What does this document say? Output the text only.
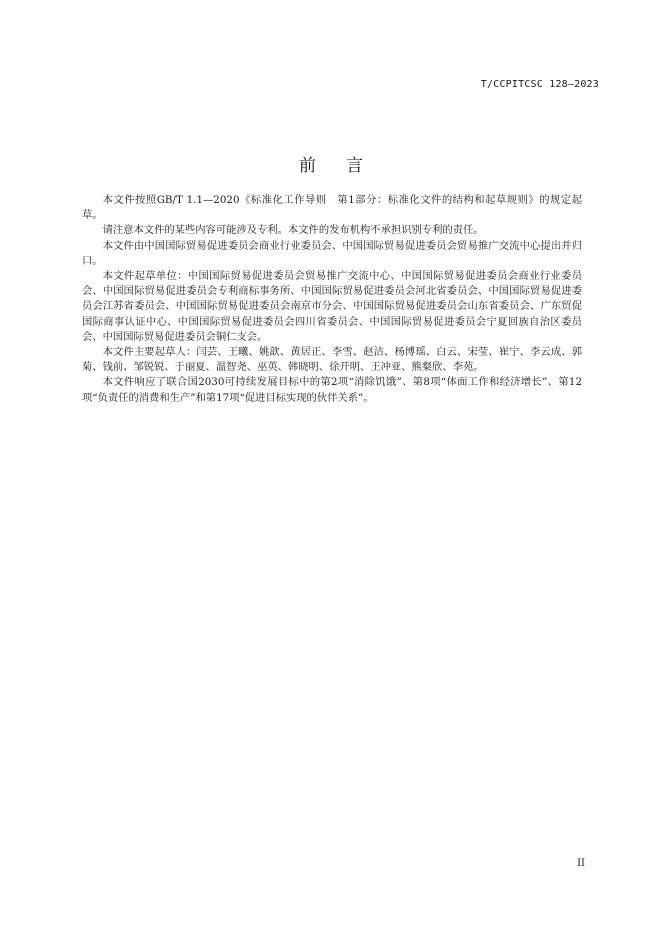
T/CCPITCSC 128—2023
前言

本文件按照GB/T 1.1—2020《标准化工作导则　第1部分：标准化文件的结构和起草规则》的规定起草。

请注意本文件的某些内容可能涉及专利。本文件的发布机构不承担识别专利的责任。

本文件由中国国际贸易促进委员会商业行业委员会、中国国际贸易促进委员会贸易推广交流中心提出并归口。

本文件起草单位：中国国际贸易促进委员会贸易推广交流中心、中国国际贸易促进委员会商业行业委员会、中国国际贸易促进委员会专利商标事务所、中国国际贸易促进委员会河北省委员会、中国国际贸易促进委员会江苏省委员会、中国国际贸易促进委员会南京市分会、中国国际贸易促进委员会山东省委员会、广东贸促国际商事认证中心、中国国际贸易促进委员会四川省委员会、中国国际贸易促进委员会宁夏回族自治区委员会、中国国际贸易促进委员会铜仁支会。

本文件主要起草人：闫芸、王曦、姚歆、黄居正、李雪、赵洁、杨博瑶、白云、宋莹、崔宁、李云成、郭菊、钱前、邹锐锐、于丽夏、温智尧、巫英、韩晓明、徐开明、王冲亚、熊粲欣、李苑。

本文件响应了联合国2030可持续发展目标中的第2项“消除饥饿”、第8项“体面工作和经济增长”、第12项“负责任的消费和生产”和第17项“促进目标实现的伙伴关系”。

II
